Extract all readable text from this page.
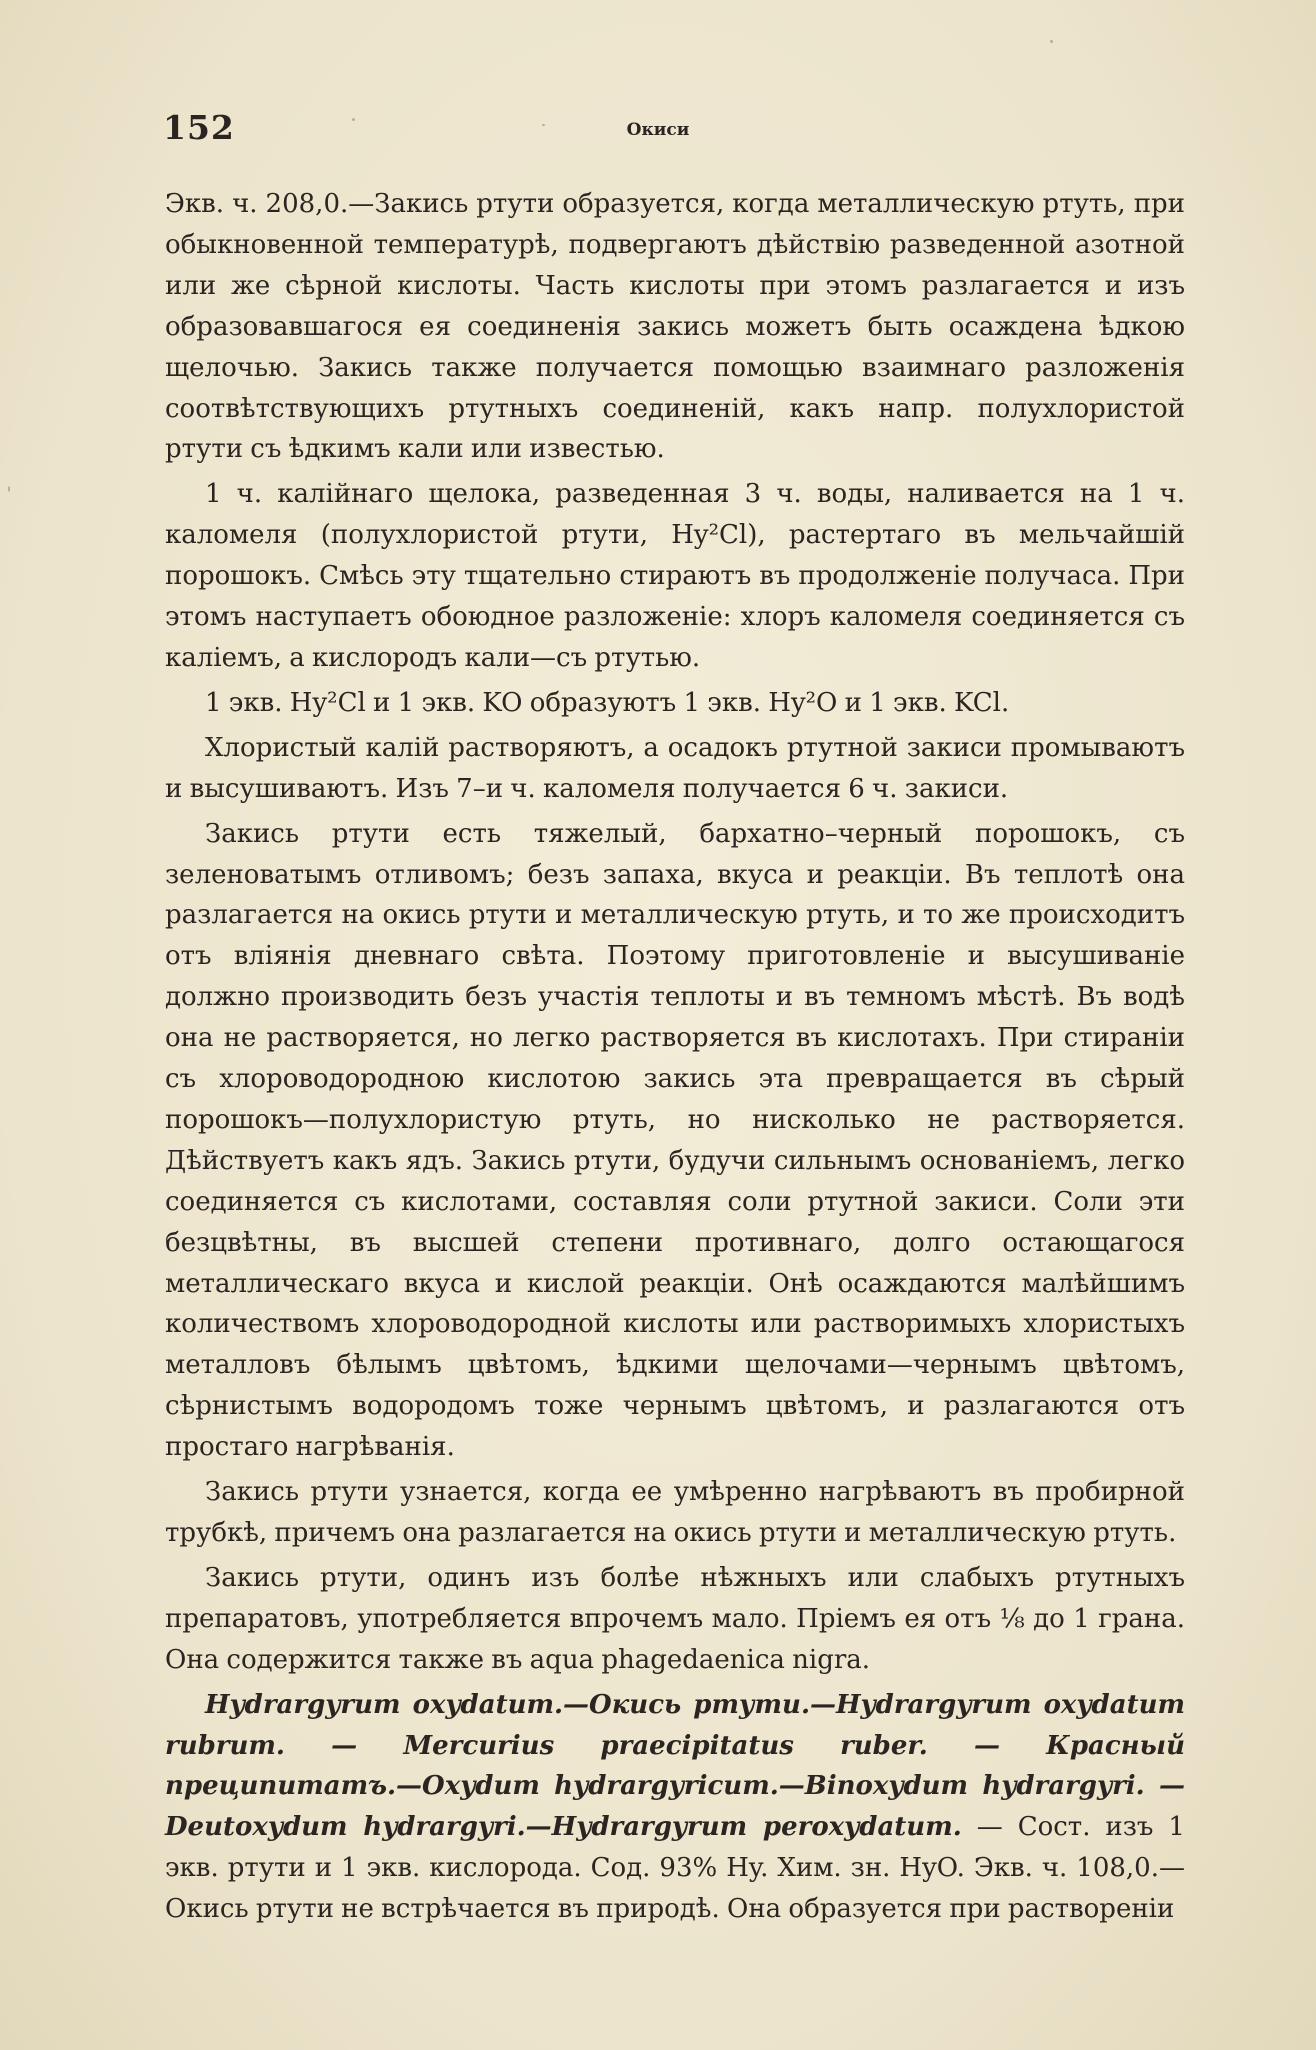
152	Окиси

Экв. ч. 208,0.—Закись ртути образуется, когда металлическую ртуть, при обыкновенной температурѣ, подвергаютъ дѣйствію разведенной азотной или же сѣрной кислоты. Часть кислоты при этомъ разлагается и изъ образовавшагося ея соединенія закись можетъ быть осаждена ѣдкою щелочью. Закись также получается помощью взаимнаго разложенія соотвѣтствующихъ ртутныхъ соединеній, какъ напр. полухлористой ртути съ ѣдкимъ кали или известью.

1 ч. калійнаго щелока, разведенная 3 ч. воды, наливается на 1 ч. каломеля (полухлористой ртути, Hy²Cl), растертаго въ мельчайшій порошокъ. Смѣсь эту тщательно стираютъ въ продолженіе получаса. При этомъ наступаетъ обоюдное разложеніе: хлоръ каломеля соединяется съ каліемъ, а кислородъ кали—съ ртутью.

1 экв. Hy²Cl и 1 экв. KO образуютъ 1 экв. Hy²O и 1 экв. KCl.

Хлористый калій растворяютъ, а осадокъ ртутной закиси промываютъ и высушиваютъ. Изъ 7–и ч. каломеля получается 6 ч. закиси.

Закись ртути есть тяжелый, бархатно–черный порошокъ, съ зеленоватымъ отливомъ; безъ запаха, вкуса и реакціи. Въ теплотѣ она разлагается на окись ртути и металлическую ртуть, и то же происходитъ отъ вліянія дневнаго свѣта. Поэтому приготовленіе и высушиваніе должно производить безъ участія теплоты и въ темномъ мѣстѣ. Въ водѣ она не растворяется, но легко растворяется въ кислотахъ. При стираніи съ хлороводородною кислотою закись эта превращается въ сѣрый порошокъ—полухлористую ртуть, но нисколько не растворяется. Дѣйствуетъ какъ ядъ. Закись ртути, будучи сильнымъ основаніемъ, легко соединяется съ кислотами, составляя соли ртутной закиси. Соли эти безцвѣтны, въ высшей степени противнаго, долго остающагося металлическаго вкуса и кислой реакціи. Онѣ осаждаются малѣйшимъ количествомъ хлороводородной кислоты или растворимыхъ хлористыхъ металловъ бѣлымъ цвѣтомъ, ѣдкими щелочами—чернымъ цвѣтомъ, сѣрнистымъ водородомъ тоже чернымъ цвѣтомъ, и разлагаются отъ простаго нагрѣванія.

Закись ртути узнается, когда ее умѣренно нагрѣваютъ въ пробирной трубкѣ, причемъ она разлагается на окись ртути и металлическую ртуть.

Закись ртути, одинъ изъ болѣе нѣжныхъ или слабыхъ ртутныхъ препаратовъ, употребляется впрочемъ мало. Пріемъ ея отъ ⅛ до 1 грана. Она содержится также въ aqua phagedaenica nigra.

Hydrargyrum oxydatum.—Окись ртути.—Hydrargyrum oxydatum rubrum. — Mercurius praecipitatus ruber. — Красный преципитатъ.—Oxydum hydrargyricum.—Binoxydum hydrargyri. — Deutoxydum hydrargyri.—Hydrargyrum peroxydatum. — Сост. изъ 1 экв. ртути и 1 экв. кислорода. Сод. 93% Hy. Хим. зн. HyO. Экв. ч. 108,0.—Окись ртути не встрѣчается въ природѣ. Она образуется при раствореніи
